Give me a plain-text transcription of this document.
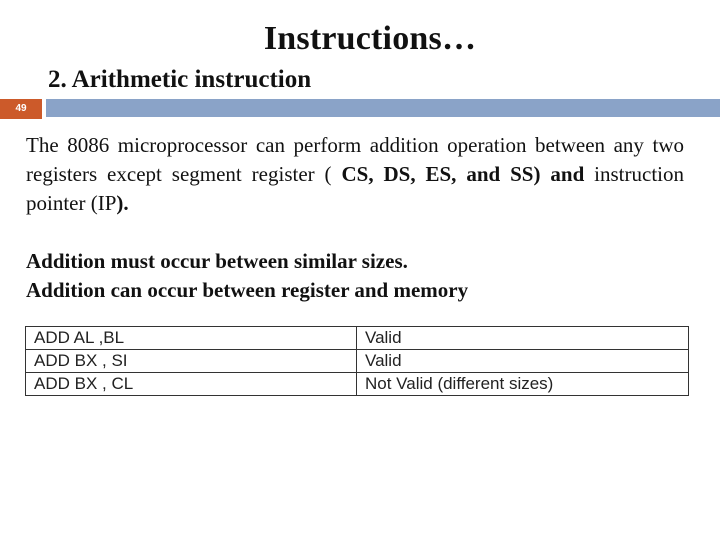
Instructions…
2. Arithmetic instruction
49
The 8086 microprocessor can perform addition operation between any two registers except segment register ( CS, DS, ES, and SS) and instruction pointer (IP).
Addition must occur between similar sizes.
Addition can occur between register and memory
ADD AL ,BL	Valid
ADD BX , SI	Valid
ADD BX , CL	Not Valid (different sizes)
